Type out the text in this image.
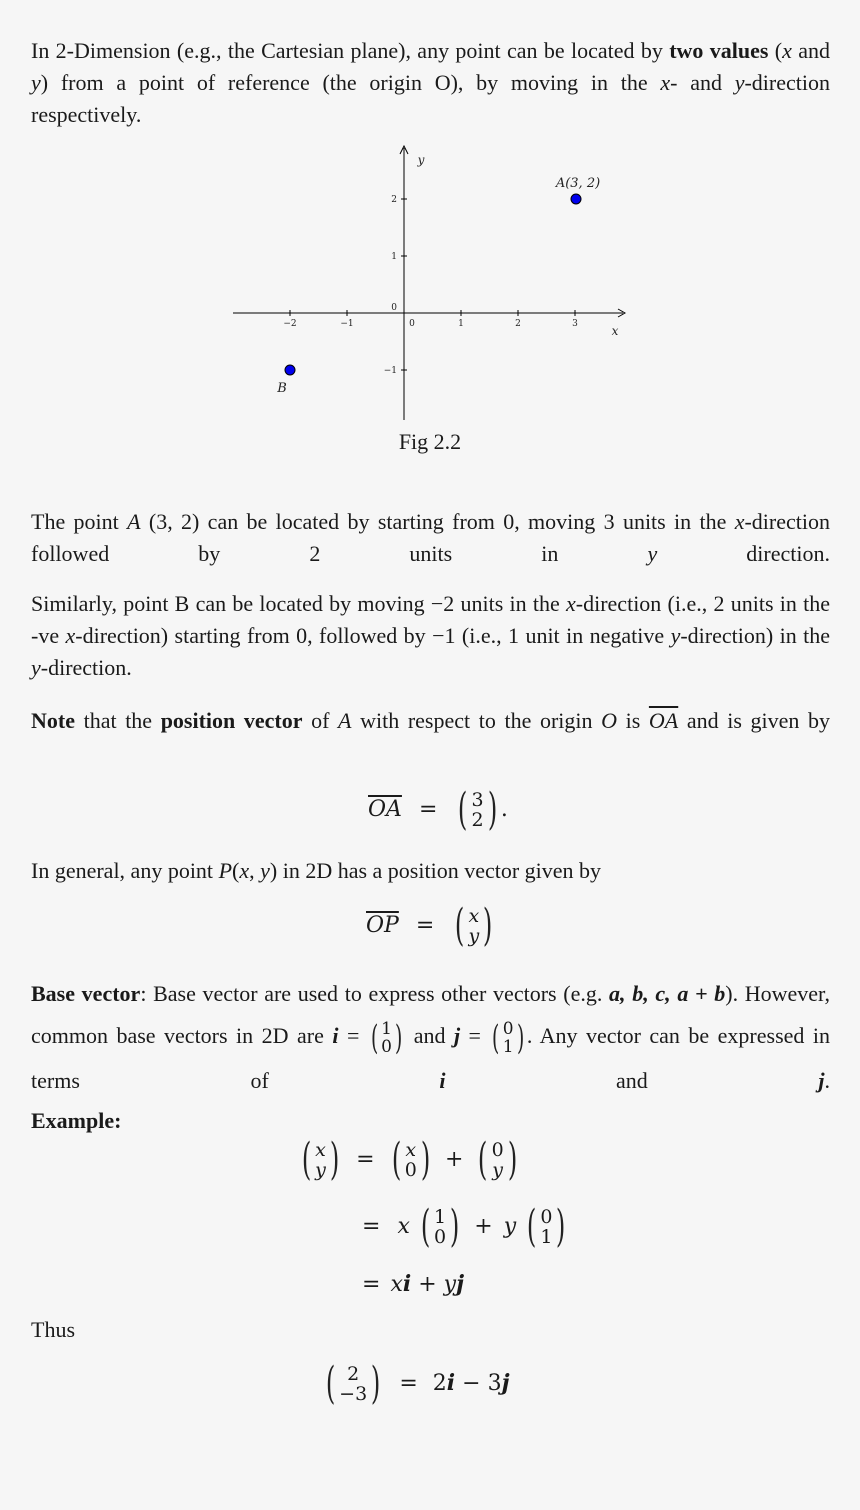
In 2-Dimension (e.g., the Cartesian plane), any point can be located by two values (x and y) from a point of reference (the origin O), by moving in the x- and y-direction respectively.

−2	−1	0	1	2	3
2
1
0
−1
x
y
A(3, 2)
B
Fig 2.2

The point A (3, 2) can be located by starting from 0, moving 3 units in the x-direction followed by 2 units in y direction.

Similarly, point B can be located by moving −2 units in the x-direction (i.e., 2 units in the -ve x-direction) starting from 0, followed by −1 (i.e., 1 unit in negative y-direction) in the y-direction.

Note that the position vector of A with respect to the origin O is $\overline{OA}$ and is given by

$\overline{OA}$ = ( 3
2) .

In general, any point P(x, y) in 2D has a position vector given by

$\overline{OP}$ = ( x
y)

Base vector: Base vector are used to express other vectors (e.g. a, b, c, a + b). However, common base vectors in 2D are i = ( 1
0) and j = ( 0
1) . Any vector can be expressed in terms of i and j.

Example:
( x
y) = ( x
0) + ( 0
y )
= x ( 1
0) + y ( 0
1)
= xi + yj
Thus
( 2
−3) = 2i − 3j
